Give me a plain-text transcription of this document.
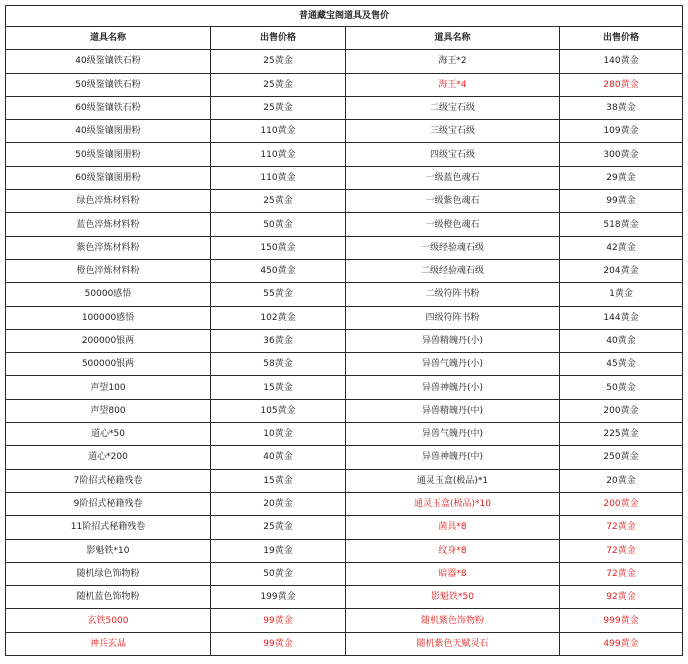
普通藏宝阁道具及售价			
道具名称	出售价格	道具名称	出售价格
40级鉴镶铁石粉	25黄金	海王*2	140黄金
50级鉴镶铁石粉	25黄金	海王*4	280黄金
60级鉴镶铁石粉	25黄金	二级宝石级	38黄金
40级鉴镶图册粉	110黄金	三级宝石级	109黄金
50级鉴镶图册粉	110黄金	四级宝石级	300黄金
60级鉴镶图册粉	110黄金	一级蓝色魂石	29黄金
绿色淬炼材料粉	25黄金	一级紫色魂石	99黄金
蓝色淬炼材料粉	50黄金	一级橙色魂石	518黄金
紫色淬炼材料粉	150黄金	一级经验魂石级	42黄金
橙色淬炼材料粉	450黄金	二级经验魂石级	204黄金
50000感悟	55黄金	二级符阵书粉	1黄金
100000感悟	102黄金	四级符阵书粉	144黄金
200000银两	36黄金	异兽精魄丹(小)	40黄金
500000银两	58黄金	异兽气魄丹(小)	45黄金
声望100	15黄金	异兽神魄丹(小)	50黄金
声望800	105黄金	异兽精魄丹(中)	200黄金
道心*50	10黄金	异兽气魄丹(中)	225黄金
道心*200	40黄金	异兽神魄丹(中)	250黄金
7阶招式秘籍残卷	15黄金	通灵玉盒(极品)*1	20黄金
9阶招式秘籍残卷	20黄金	通灵玉盒(极品)*10	200黄金
11阶招式秘籍残卷	25黄金	菌具*8	72黄金
影魁铁*10	19黄金	纹身*8	72黄金
随机绿色饰物粉	50黄金	暗器*8	72黄金
随机蓝色饰物粉	199黄金	影魁铁*50	92黄金
玄铁5000	99黄金	随机紫色饰物粉	999黄金
神兵玄晶	99黄金	随机紫色天赋灵石	499黄金
